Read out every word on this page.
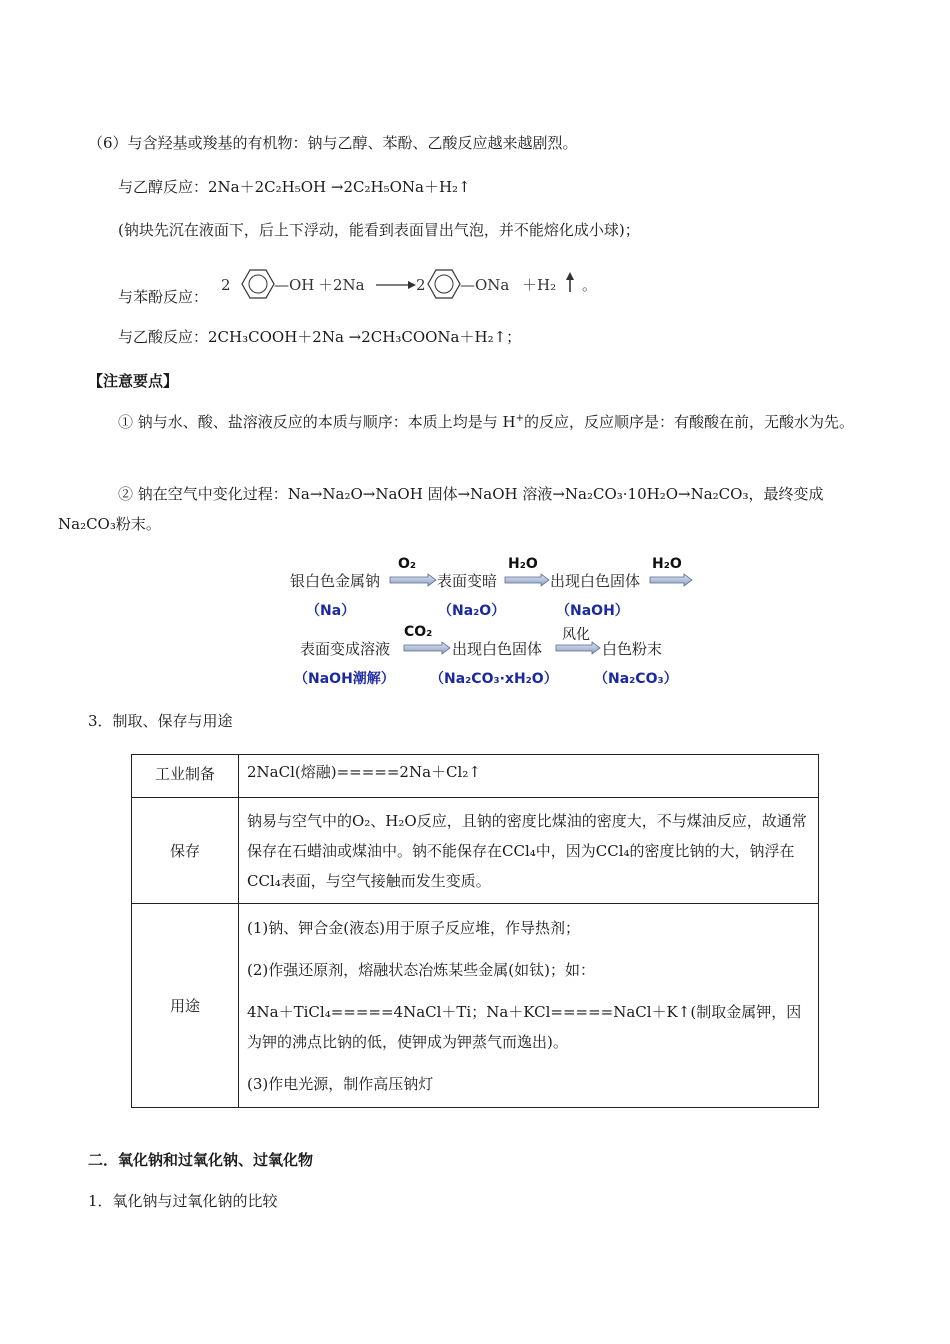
（6）与含羟基或羧基的有机物：钠与乙醇、苯酚、乙酸反应越来越剧烈。
与乙醇反应：2Na＋2C₂H₅OH →2C₂H₅ONa＋H₂↑
(钠块先沉在液面下，后上下浮动，能看到表面冒出气泡，并不能熔化成小球)；
与苯酚反应：
2	—OH ＋2Na	2 —ONa ＋H₂ 。
与乙酸反应：2CH₃COOH＋2Na →2CH₃COONa＋H₂↑；
【注意要点】
① 钠与水、酸、盐溶液反应的本质与顺序：本质上均是与 H+的反应，反应顺序是：有酸酸在前，无酸水为先。
② 钠在空气中变化过程：Na→Na₂O→NaOH 固体→NaOH 溶液→Na₂CO₃·10H₂O→Na₂CO₃，最终变成
Na₂CO₃粉末。
银白色金属钠	表面变暗	出现白色固体
O₂	H₂O	H₂O
（Na）	（Na₂O）	（NaOH）
表面变成溶液	出现白色固体	白色粉末
CO₂	风化
（NaOH潮解）	（Na₂CO₃·xH₂O）	（Na₂CO₃）
3．制取、保存与用途
工业制备	2NaCl(熔融)=====2Na＋Cl₂↑
保存	钠易与空气中的O₂、H₂O反应，且钠的密度比煤油的密度大，不与煤油反应，故通常保存在石蜡油或煤油中。钠不能保存在CCl₄中，因为CCl₄的密度比钠的大，钠浮在CCl₄表面，与空气接触而发生变质。
用途	(1)钠、钾合金(液态)用于原子反应堆，作导热剂；

(2)作强还原剂，熔融状态冶炼某些金属(如钛)；如：

4Na＋TiCl₄=====4NaCl＋Ti；Na＋KCl=====NaCl＋K↑(制取金属钾，因为钾的沸点比钠的低，使钾成为钾蒸气而逸出)。

(3)作电光源，制作高压钠灯

二．氧化钠和过氧化钠、过氧化物
1．氧化钠与过氧化钠的比较
